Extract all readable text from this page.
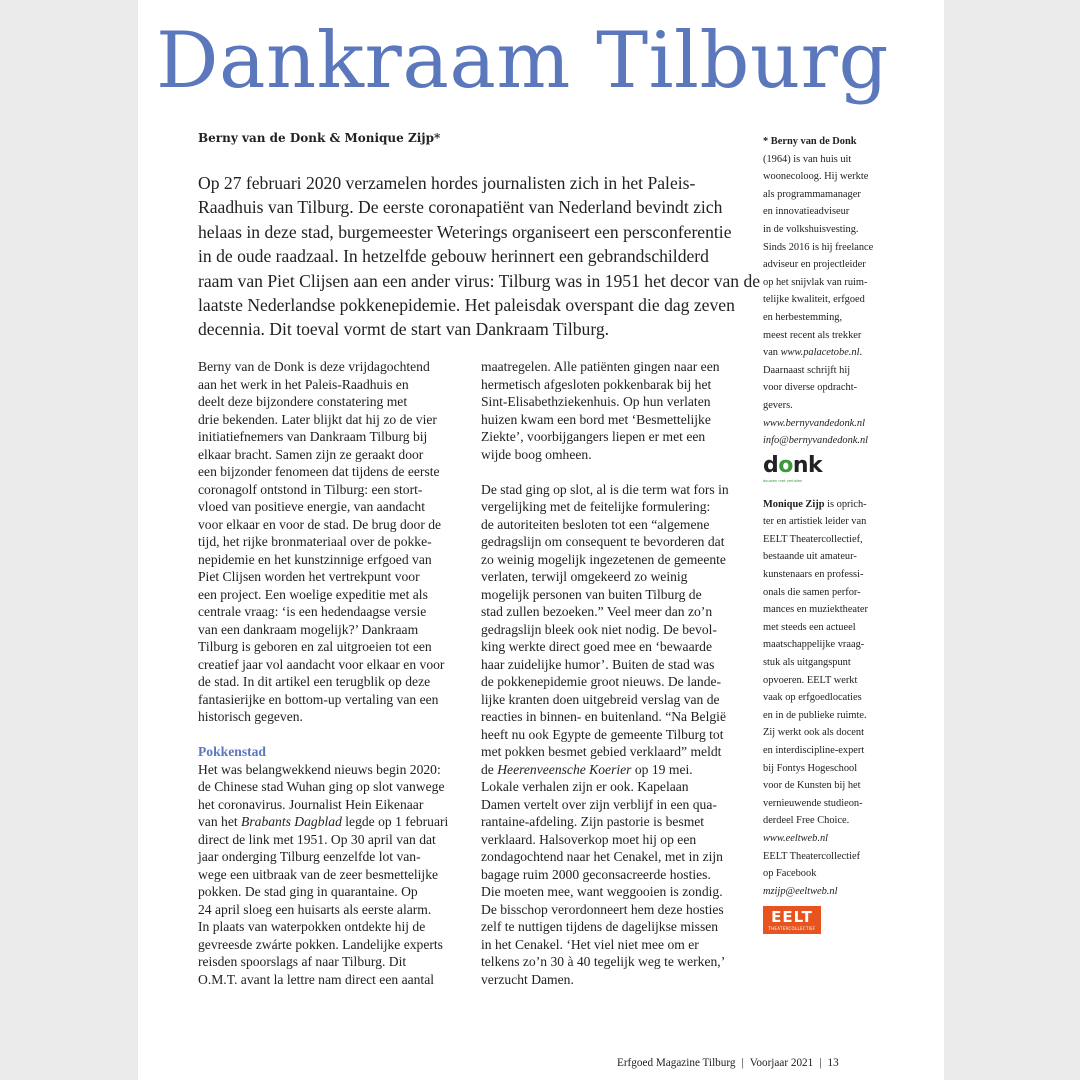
Dankraam Tilburg
Berny van de Donk & Monique Zijp*
Op 27 februari 2020 verzamelen hordes journalisten zich in het Paleis-
Raadhuis van Tilburg. De eerste coronapatiënt van Nederland bevindt zich
helaas in deze stad, burgemeester Weterings organiseert een persconferentie
in de oude raadzaal. In hetzelfde gebouw herinnert een gebrandschilderd
raam van Piet Clijsen aan een ander virus: Tilburg was in 1951 het decor van de
laatste Nederlandse pokkenepidemie. Het paleisdak overspant die dag zeven
decennia. Dit toeval vormt de start van Dankraam Tilburg.
Berny van de Donk is deze vrijdagochtend
aan het werk in het Paleis-Raadhuis en
deelt deze bijzondere constatering met
drie bekenden. Later blijkt dat hij zo de vier
initiatiefnemers van Dankraam Tilburg bij
elkaar bracht. Samen zijn ze geraakt door
een bijzonder fenomeen dat tijdens de eerste
coronagolf ontstond in Tilburg: een stort-
vloed van positieve energie, van aandacht
voor elkaar en voor de stad. De brug door de
tijd, het rijke bronmateriaal over de pokke-
nepidemie en het kunstzinnige erfgoed van
Piet Clijsen worden het vertrekpunt voor
een project. Een woelige expeditie met als
centrale vraag: ‘is een hedendaagse versie
van een dankraam mogelijk?’ Dankraam
Tilburg is geboren en zal uitgroeien tot een
creatief jaar vol aandacht voor elkaar en voor
de stad. In dit artikel een terugblik op deze
fantasierijke en bottom-up vertaling van een
historisch gegeven.
Pokkenstad
Het was belangwekkend nieuws begin 2020:
de Chinese stad Wuhan ging op slot vanwege
het coronavirus. Journalist Hein Eikenaar
van het Brabants Dagblad legde op 1 februari
direct de link met 1951. Op 30 april van dat
jaar onderging Tilburg eenzelfde lot van-
wege een uitbraak van de zeer besmettelijke
pokken. De stad ging in quarantaine. Op
24 april sloeg een huisarts als eerste alarm.
In plaats van waterpokken ontdekte hij de
gevreesde zwárte pokken. Landelijke experts
reisden spoorslags af naar Tilburg. Dit
O.M.T. avant la lettre nam direct een aantal
maatregelen. Alle patiënten gingen naar een
hermetisch afgesloten pokkenbarak bij het
Sint-Elisabethziekenhuis. Op hun verlaten
huizen kwam een bord met ‘Besmettelijke
Ziekte’, voorbijgangers liepen er met een
wijde boog omheen.
De stad ging op slot, al is die term wat fors in
vergelijking met de feitelijke formulering:
de autoriteiten besloten tot een “algemene
gedragslijn om consequent te bevorderen dat
zo weinig mogelijk ingezetenen de gemeente
verlaten, terwijl omgekeerd zo weinig
mogelijk personen van buiten Tilburg de
stad zullen bezoeken.” Veel meer dan zo’n
gedragslijn bleek ook niet nodig. De bevol-
king werkte direct goed mee en ‘bewaarde
haar zuidelijke humor’. Buiten de stad was
de pokkenepidemie groot nieuws. De lande-
lijke kranten doen uitgebreid verslag van de
reacties in binnen- en buitenland. “Na België
heeft nu ook Egypte de gemeente Tilburg tot
met pokken besmet gebied verklaard” meldt
de Heerenveensche Koerier op 19 mei.
Lokale verhalen zijn er ook. Kapelaan
Damen vertelt over zijn verblijf in een qua-
rantaine-afdeling. Zijn pastorie is besmet
verklaard. Halsoverkop moet hij op een
zondagochtend naar het Cenakel, met in zijn
bagage ruim 2000 geconsacreerde hosties.
Die moeten mee, want weggooien is zondig.
De bisschop verordonneert hem deze hosties
zelf te nuttigen tijdens de dagelijkse missen
in het Cenakel. ‘Het viel niet mee om er
telkens zo’n 30 à 40 tegelijk weg te werken,’
verzucht Damen.
* Berny van de Donk
(1964) is van huis uit
woonecoloog. Hij werkte
als programmamanager
en innovatieadviseur
in de volkshuisvesting.
Sinds 2016 is hij freelance
adviseur en projectleider
op het snijvlak van ruim-
telijke kwaliteit, erfgoed
en herbestemming,
meest recent als trekker
van www.palacetobe.nl.
Daarnaast schrijft hij
voor diverse opdracht-
gevers.
www.bernyvandedonk.nl
info@bernyvandedonk.nl
donk
bouwen met verhalen
Monique Zijp is oprich-
ter en artistiek leider van
EELT Theatercollectief,
bestaande uit amateur-
kunstenaars en professi-
onals die samen perfor-
mances en muziektheater
met steeds een actueel
maatschappelijke vraag-
stuk als uitgangspunt
opvoeren. EELT werkt
vaak op erfgoedlocaties
en in de publieke ruimte.
Zij werkt ook als docent
en interdiscipline-expert
bij Fontys Hogeschool
voor de Kunsten bij het
vernieuwende studieon-
derdeel Free Choice.
www.eeltweb.nl
EELT Theatercollectief
op Facebook
mzijp@eeltweb.nl
EELT
THEATERCOLLECTIEF
Erfgoed Magazine Tilburg | Voorjaar 2021 | 13
